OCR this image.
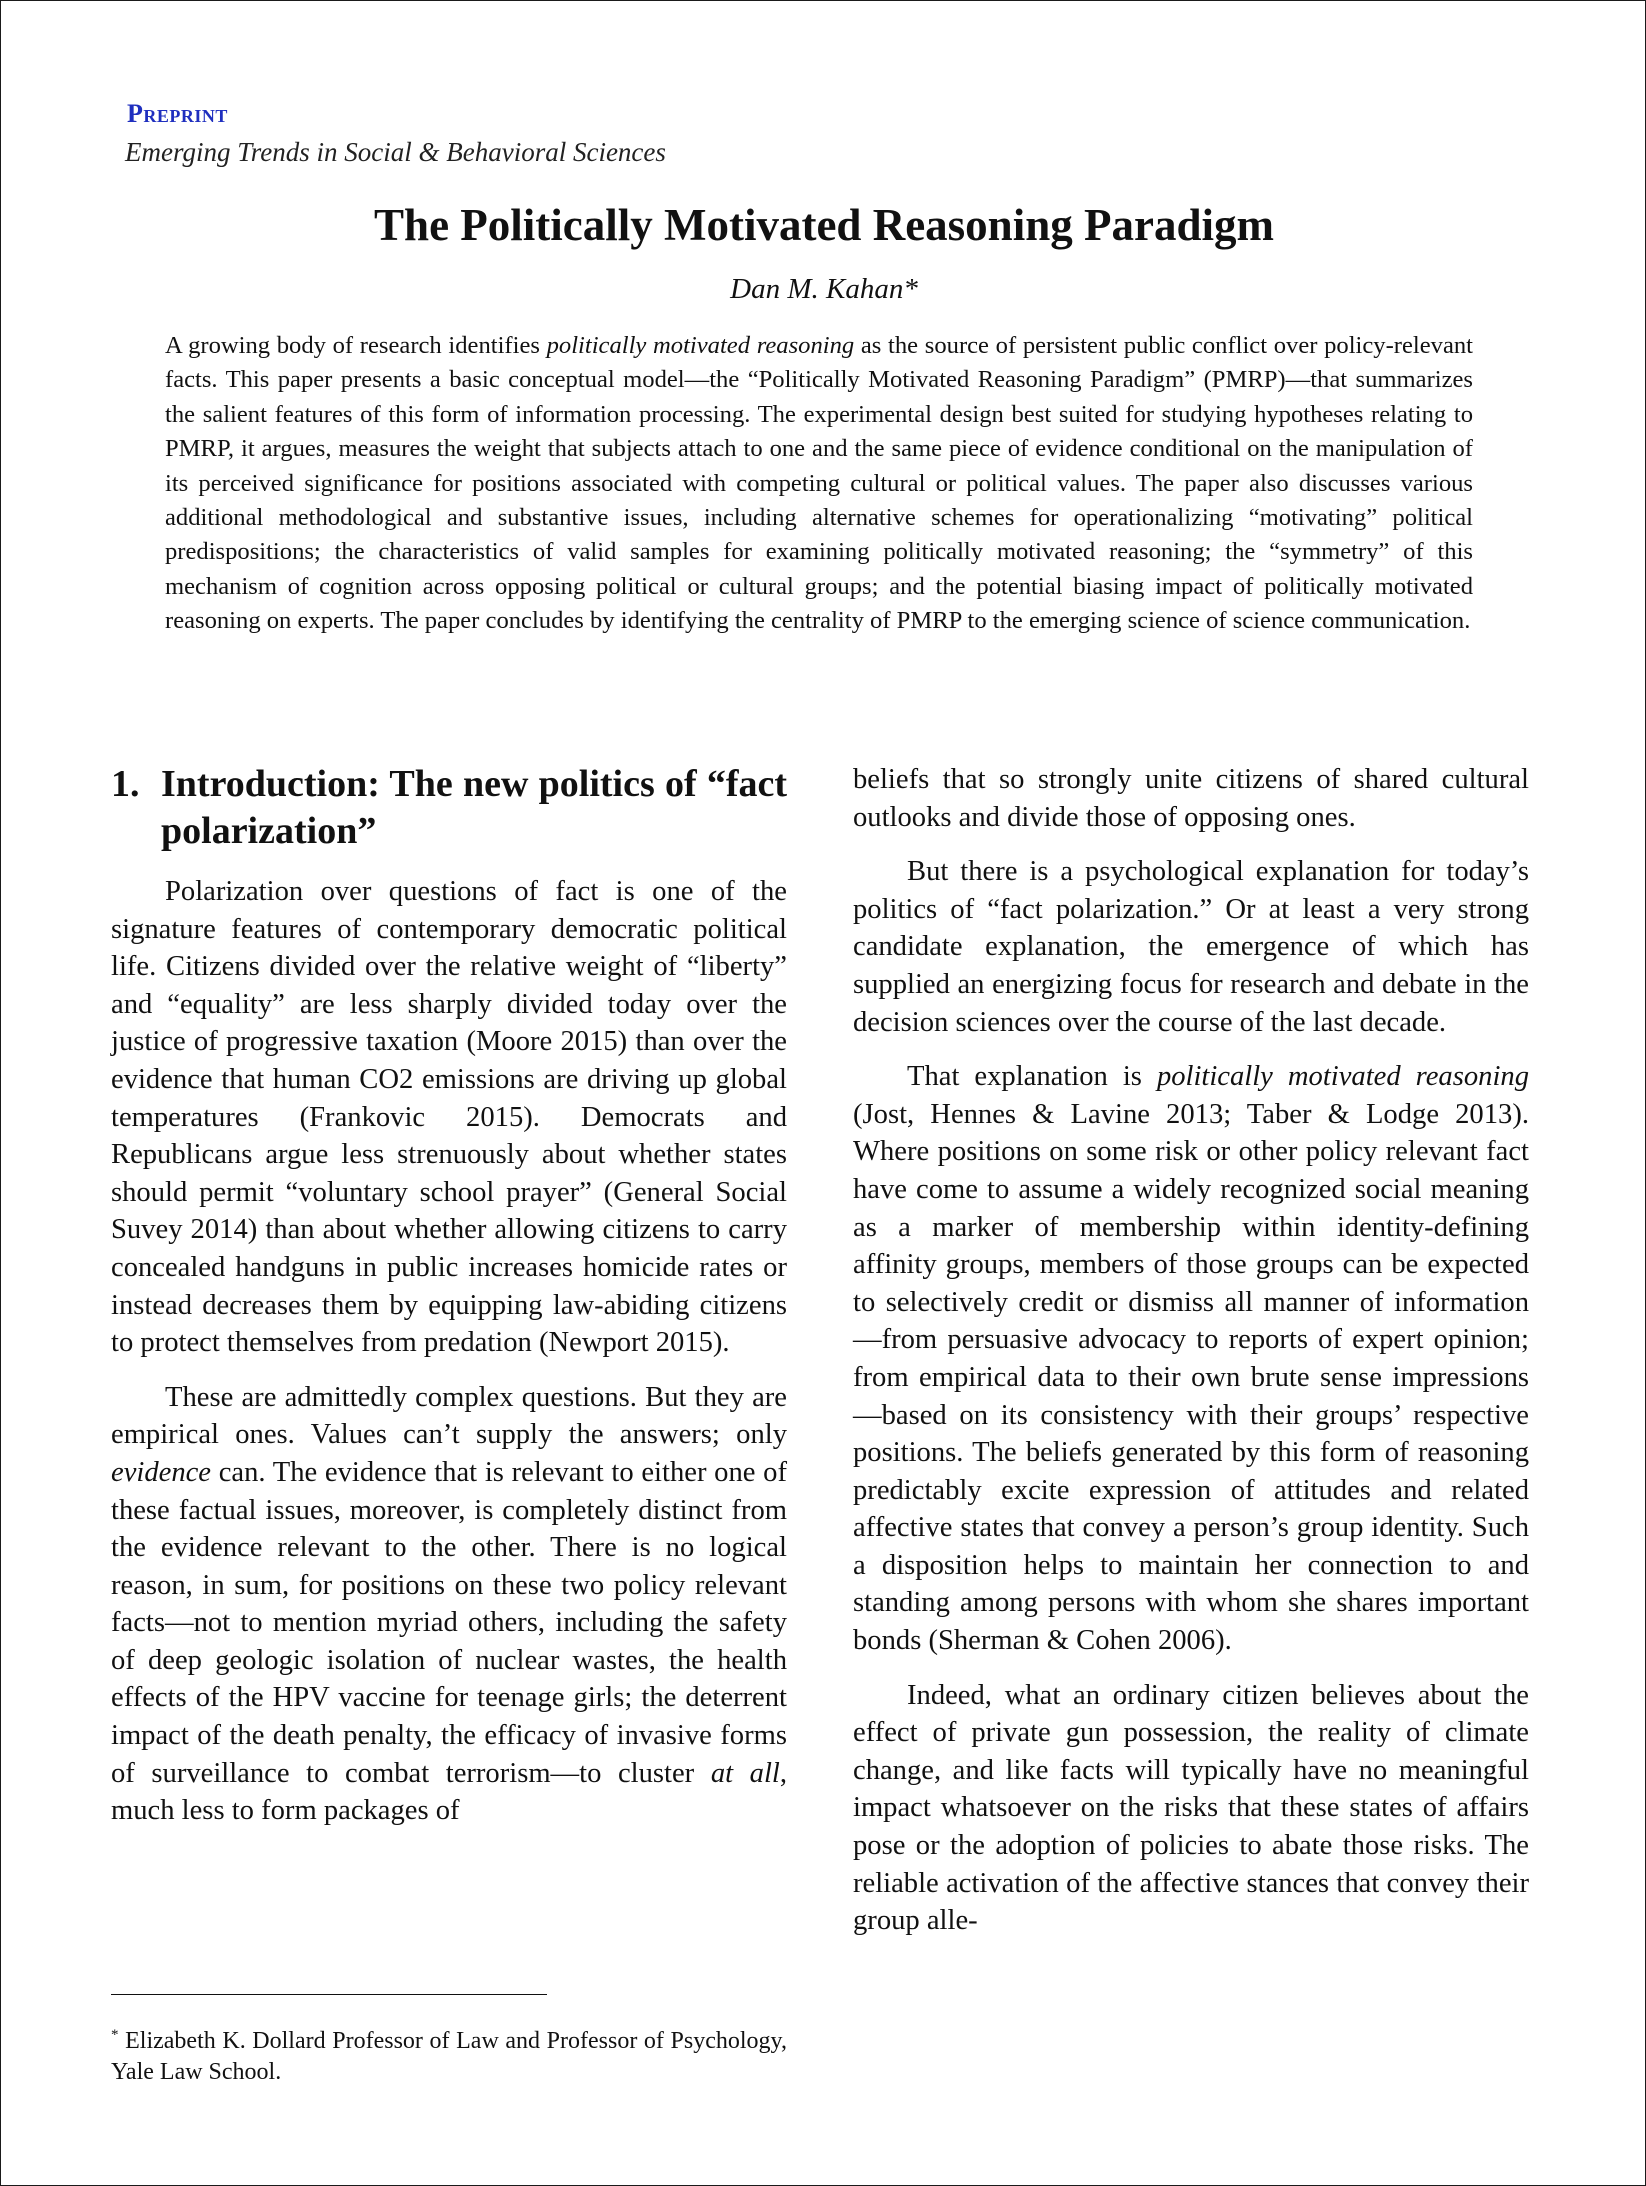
Preprint
Emerging Trends in Social & Behavioral Sciences
The Politically Motivated Reasoning Paradigm
Dan M. Kahan*
A growing body of research identifies politically motivated reasoning as the source of persistent public conflict over policy-relevant facts. This paper presents a basic conceptual model—the “Politically Motivated Reasoning Paradigm” (PMRP)—that summarizes the salient features of this form of information processing. The experimental design best suited for studying hypotheses relating to PMRP, it argues, measures the weight that subjects attach to one and the same piece of evidence conditional on the manipulation of its perceived significance for positions associated with competing cultural or political values. The paper also discusses various additional methodological and substantive issues, including alternative schemes for operationalizing “motivating” political predispositions; the characteristics of valid samples for examining politically motivated reasoning; the “symmetry” of this mechanism of cognition across opposing political or cultural groups; and the potential biasing impact of politically motivated reasoning on experts. The paper concludes by identifying the centrality of PMRP to the emerging science of science communication.
1. Introduction: The new politics of “fact polarization”

Polarization over questions of fact is one of the signature features of contemporary democratic political life. Citizens divided over the relative weight of “liberty” and “equality” are less sharply divided today over the justice of progressive taxation (Moore 2015) than over the evidence that human CO2 emissions are driving up global temperatures (Frankovic 2015). Democrats and Republicans argue less strenuously about whether states should permit “voluntary school prayer” (General Social Suvey 2014) than about whether allowing citizens to carry concealed handguns in public increases homicide rates or instead decreases them by equipping law-abiding citizens to protect themselves from predation (Newport 2015).

These are admittedly complex questions. But they are empirical ones. Values can’t supply the answers; only evidence can. The evidence that is relevant to either one of these factual issues, moreover, is completely distinct from the evidence relevant to the other. There is no logical reason, in sum, for positions on these two policy relevant facts—not to mention myriad others, including the safety of deep geologic isolation of nuclear wastes, the health effects of the HPV vaccine for teenage girls; the deterrent impact of the death penalty, the efficacy of invasive forms of surveillance to combat terrorism—to cluster at all, much less to form packages of

beliefs that so strongly unite citizens of shared cultural outlooks and divide those of opposing ones.

But there is a psychological explanation for today’s politics of “fact polarization.” Or at least a very strong candidate explanation, the emergence of which has supplied an energizing focus for research and debate in the decision sciences over the course of the last decade.

That explanation is politically motivated reasoning (Jost, Hennes & Lavine 2013; Taber & Lodge 2013). Where positions on some risk or other policy relevant fact have come to assume a widely recognized social meaning as a marker of membership within identity-defining affinity groups, members of those groups can be expected to selectively credit or dismiss all manner of information—from persuasive advocacy to reports of expert opinion; from empirical data to their own brute sense impressions—based on its consistency with their groups’ respective positions. The beliefs generated by this form of reasoning predictably excite expression of attitudes and related affective states that convey a person’s group identity. Such a disposition helps to maintain her connection to and standing among persons with whom she shares important bonds (Sherman & Cohen 2006).

Indeed, what an ordinary citizen believes about the effect of private gun possession, the reality of climate change, and like facts will typically have no meaningful impact whatsoever on the risks that these states of affairs pose or the adoption of policies to abate those risks. The reliable activation of the affective stances that convey their group alle-

* Elizabeth K. Dollard Professor of Law and Professor of Psychology, Yale Law School.
